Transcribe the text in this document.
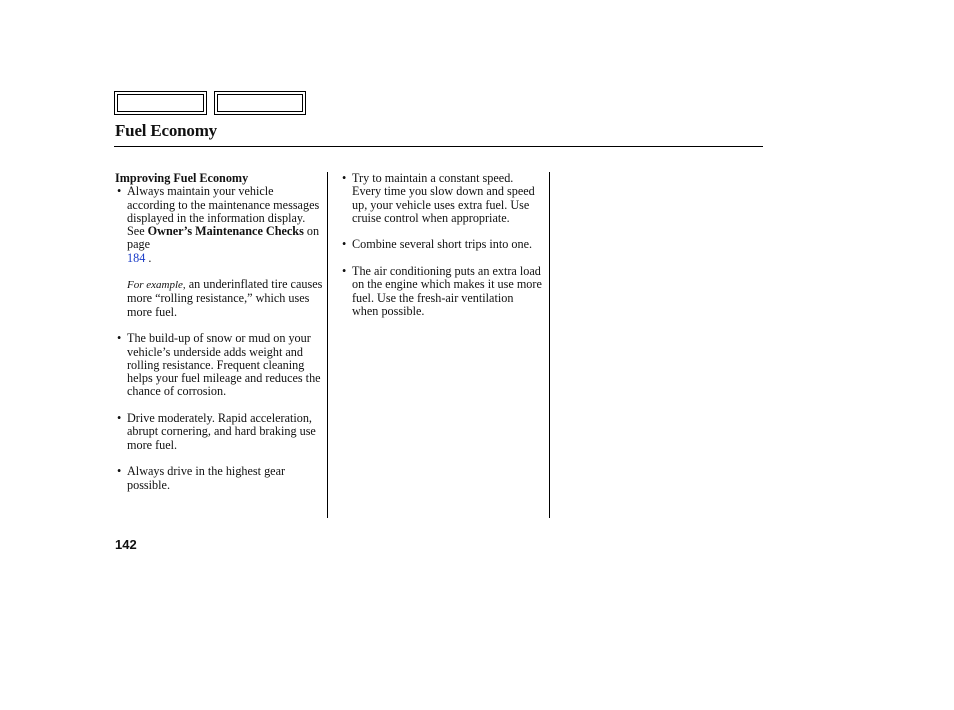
Fuel Economy
Improving Fuel Economy
• Always maintain your vehicle according to the maintenance messages displayed in the information display. See Owner’s Maintenance Checks on page
184 .

For example, an underinflated tire causes more “rolling resistance,” which uses more fuel.
• The build-up of snow or mud on your vehicle’s underside adds weight and rolling resistance. Frequent cleaning helps your fuel mileage and reduces the chance of corrosion.

• Drive moderately. Rapid acceleration, abrupt cornering, and hard braking use more fuel.

• Always drive in the highest gear possible.

• Try to maintain a constant speed. Every time you slow down and speed up, your vehicle uses extra fuel. Use cruise control when appropriate.

• Combine several short trips into one.

• The air conditioning puts an extra load on the engine which makes it use more fuel. Use the fresh-air ventilation when possible.

142
